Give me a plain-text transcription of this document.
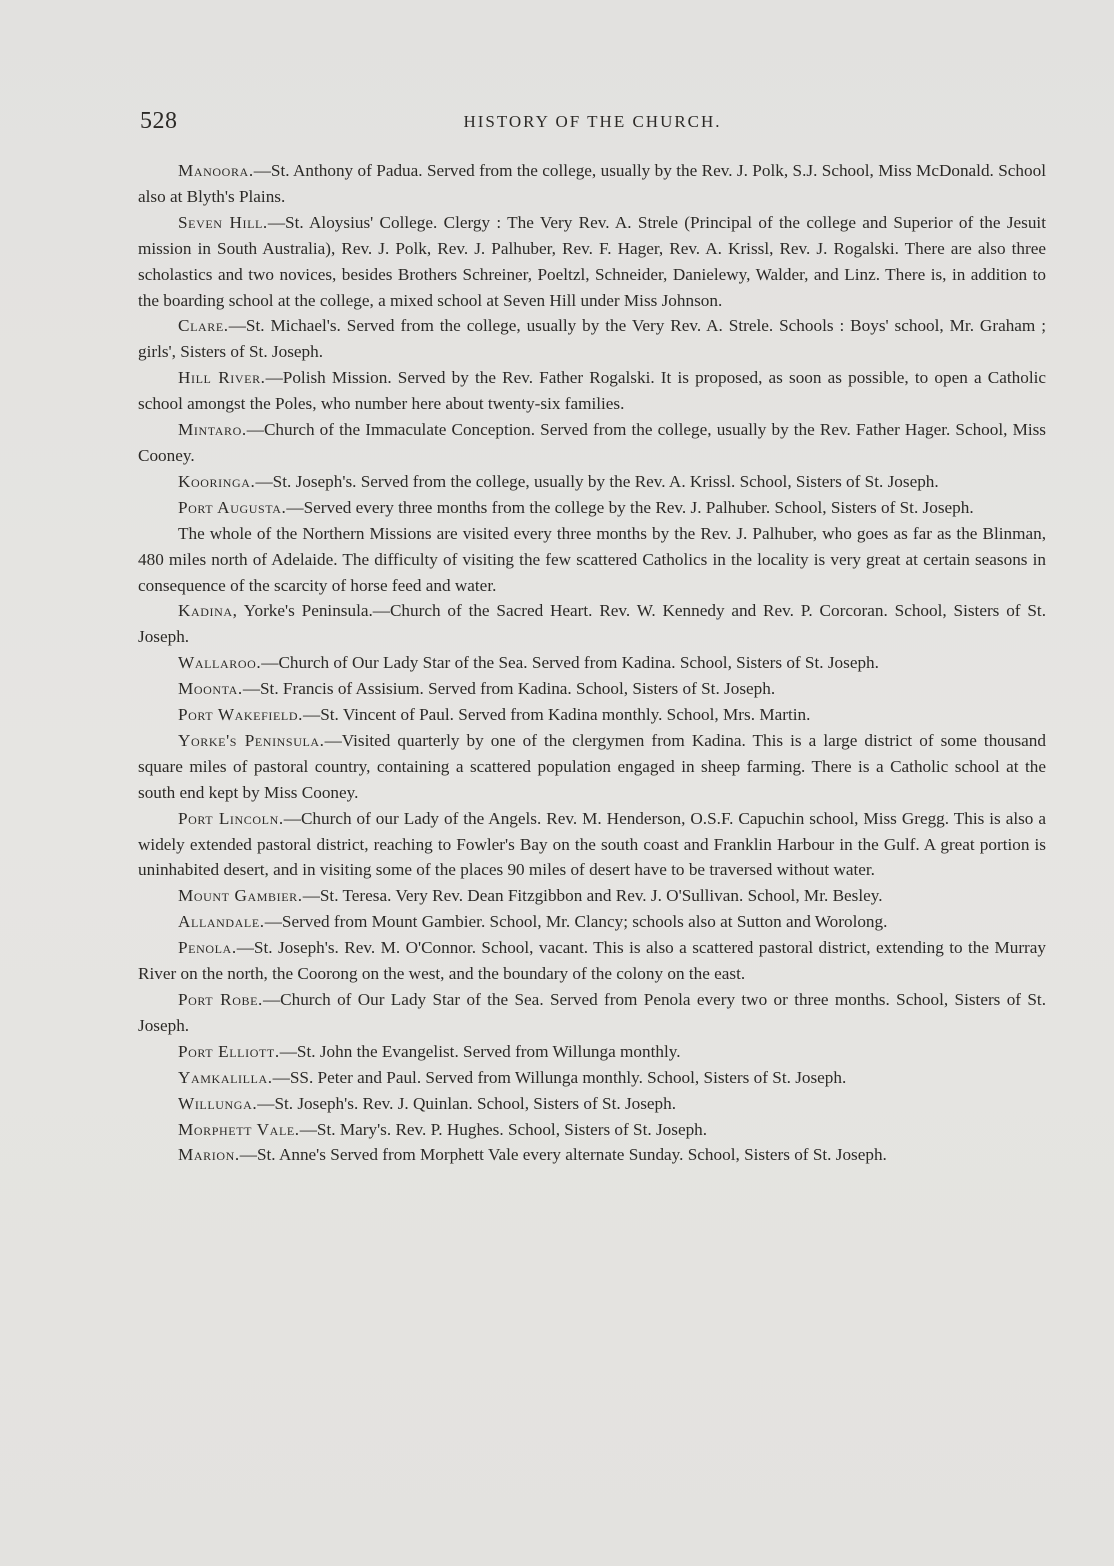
528	HISTORY OF THE CHURCH.

Manoora.—St. Anthony of Padua. Served from the college, usually by the Rev. J. Polk, S.J. School, Miss McDonald. School also at Blyth's Plains.

Seven Hill.—St. Aloysius' College. Clergy : The Very Rev. A. Strele (Principal of the college and Superior of the Jesuit mission in South Australia), Rev. J. Polk, Rev. J. Palhuber, Rev. F. Hager, Rev. A. Krissl, Rev. J. Rogalski. There are also three scholastics and two novices, besides Brothers Schreiner, Poeltzl, Schneider, Danielewy, Walder, and Linz. There is, in addition to the boarding school at the college, a mixed school at Seven Hill under Miss Johnson.

Clare.—St. Michael's. Served from the college, usually by the Very Rev. A. Strele. Schools : Boys' school, Mr. Graham ; girls', Sisters of St. Joseph.

Hill River.—Polish Mission. Served by the Rev. Father Rogalski. It is proposed, as soon as possible, to open a Catholic school amongst the Poles, who number here about twenty-six families.

Mintaro.—Church of the Immaculate Conception. Served from the college, usually by the Rev. Father Hager. School, Miss Cooney.

Kooringa.—St. Joseph's. Served from the college, usually by the Rev. A. Krissl. School, Sisters of St. Joseph.

Port Augusta.—Served every three months from the college by the Rev. J. Palhuber. School, Sisters of St. Joseph.

The whole of the Northern Missions are visited every three months by the Rev. J. Palhuber, who goes as far as the Blinman, 480 miles north of Adelaide. The difficulty of visiting the few scattered Catholics in the locality is very great at certain seasons in consequence of the scarcity of horse feed and water.

Kadina, Yorke's Peninsula.—Church of the Sacred Heart. Rev. W. Kennedy and Rev. P. Corcoran. School, Sisters of St. Joseph.

Wallaroo.—Church of Our Lady Star of the Sea. Served from Kadina. School, Sisters of St. Joseph.

Moonta.—St. Francis of Assisium. Served from Kadina. School, Sisters of St. Joseph.

Port Wakefield.—St. Vincent of Paul. Served from Kadina monthly. School, Mrs. Martin.

Yorke's Peninsula.—Visited quarterly by one of the clergymen from Kadina. This is a large district of some thousand square miles of pastoral country, containing a scattered population engaged in sheep farming. There is a Catholic school at the south end kept by Miss Cooney.

Port Lincoln.—Church of our Lady of the Angels. Rev. M. Henderson, O.S.F. Capuchin school, Miss Gregg. This is also a widely extended pastoral district, reaching to Fowler's Bay on the south coast and Franklin Harbour in the Gulf. A great portion is uninhabited desert, and in visiting some of the places 90 miles of desert have to be traversed without water.

Mount Gambier.—St. Teresa. Very Rev. Dean Fitzgibbon and Rev. J. O'Sullivan. School, Mr. Besley.

Allandale.—Served from Mount Gambier. School, Mr. Clancy; schools also at Sutton and Worolong.

Penola.—St. Joseph's. Rev. M. O'Connor. School, vacant. This is also a scattered pastoral district, extending to the Murray River on the north, the Coorong on the west, and the boundary of the colony on the east.

Port Robe.—Church of Our Lady Star of the Sea. Served from Penola every two or three months. School, Sisters of St. Joseph.

Port Elliott.—St. John the Evangelist. Served from Willunga monthly.

Yamkalilla.—SS. Peter and Paul. Served from Willunga monthly. School, Sisters of St. Joseph.

Willunga.—St. Joseph's. Rev. J. Quinlan. School, Sisters of St. Joseph.

Morphett Vale.—St. Mary's. Rev. P. Hughes. School, Sisters of St. Joseph.

Marion.—St. Anne's Served from Morphett Vale every alternate Sunday. School, Sisters of St. Joseph.
